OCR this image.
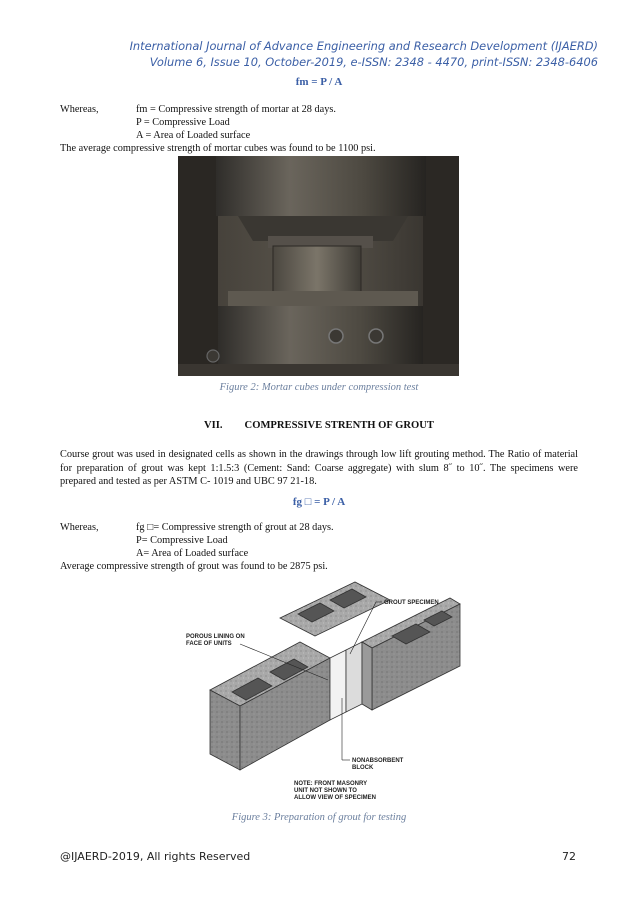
International Journal of Advance Engineering and Research Development (IJAERD)
Volume 6, Issue 10, October-2019, e-ISSN: 2348 - 4470, print-ISSN: 2348-6406
fm = P / A
Whereas,	fm = Compressive strength of mortar at 28 days.
P = Compressive Load
A = Area of Loaded surface
The average compressive strength of mortar cubes was found to be 1100 psi.
Figure 2: Mortar cubes under compression test
VII. COMPRESSIVE STRENTH OF GROUT
Course grout was used in designated cells as shown in the drawings through low lift grouting method. The Ratio of material for preparation of grout was kept 1:1.5:3 (Cement: Sand: Coarse aggregate) with slum 8˝ to 10˝. The specimens were prepared and tested as per ASTM C- 1019 and UBC 97 21-18.
fg □ = P / A
Whereas,	fg □= Compressive strength of grout at 28 days.
P= Compressive Load
A= Area of Loaded surface
Average compressive strength of grout was found to be 2875 psi.
GROUT SPECIMEN
POROUS LINING ON
FACE OF UNITS
NONABSORBENT
BLOCK
NOTE: FRONT MASONRY
UNIT NOT SHOWN TO
ALLOW VIEW OF SPECIMEN
Figure 3: Preparation of grout for testing
@IJAERD-2019, All rights Reserved	72
